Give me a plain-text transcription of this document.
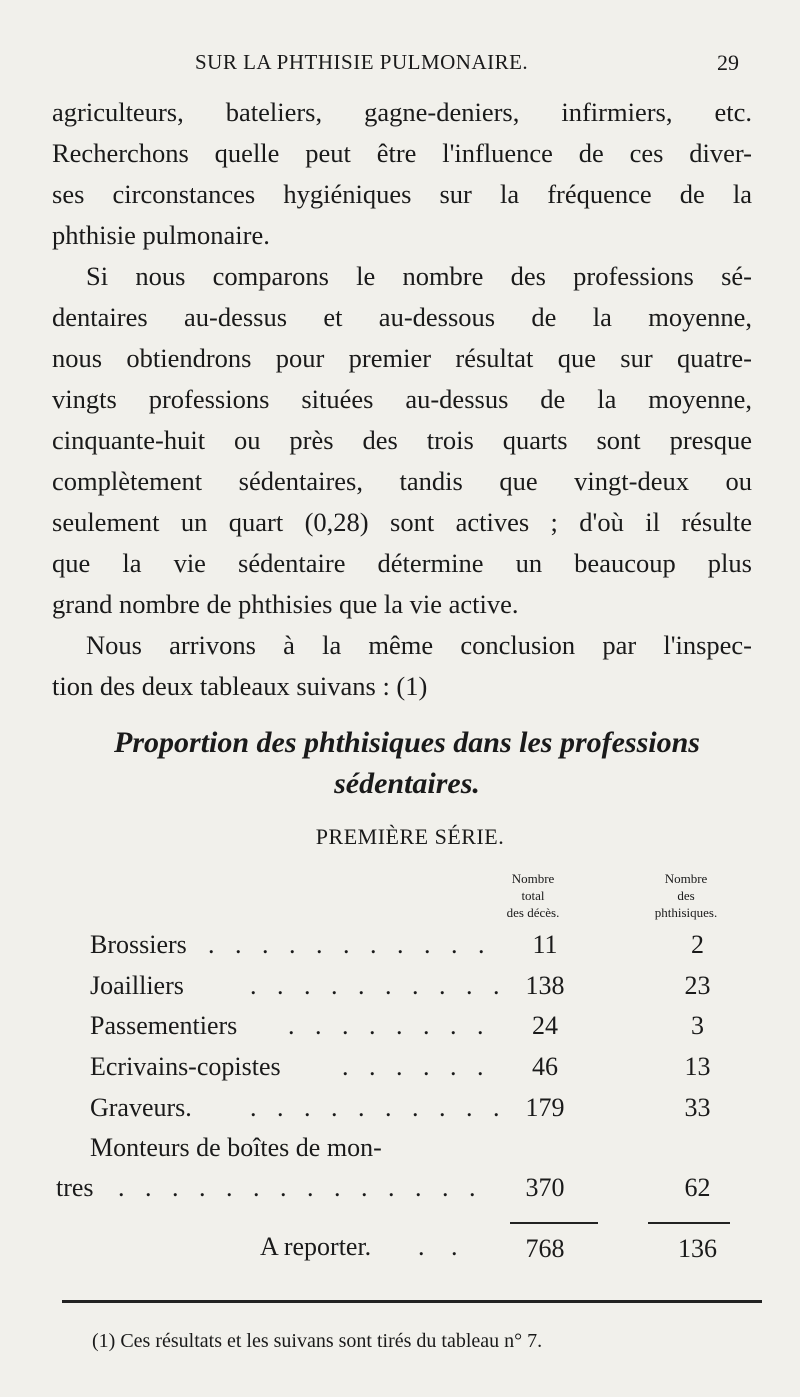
SUR LA PHTHISIE PULMONAIRE.	29
agriculteurs, bateliers, gagne-deniers, infirmiers, etc.
Recherchons quelle peut être l'influence de ces diver-
ses circonstances hygiéniques sur la fréquence de la
phthisie pulmonaire.
Si nous comparons le nombre des professions sé-
dentaires au-dessus et au-dessous de la moyenne,
nous obtiendrons pour premier résultat que sur quatre-
vingts professions situées au-dessus de la moyenne,
cinquante-huit ou près des trois quarts sont presque
complètement sédentaires, tandis que vingt-deux ou
seulement un quart (0,28) sont actives ; d'où il résulte
que la vie sédentaire détermine un beaucoup plus
grand nombre de phthisies que la vie active.
Nous arrivons à la même conclusion par l'inspec-
tion des deux tableaux suivans : (1)
Proportion des phthisiques dans les professions
sédentaires.
PREMIÈRE SÉRIE.
Nombre
total
des décès.
Nombre
des
phthisiques.
Brossiers . . . . . . . . . . .	11	2
Joailliers	. . . . . . . . . . 138	23
Passementiers . . . . . . . .	24	3
Ecrivains-copistes . . . . . .	46	13
Graveurs. . . . . . . . . . . 179	33
Monteurs de boîtes de mon-
tres . . . . . . . . . . . . . .	370	62
A reporter. . .	768	136
(1) Ces résultats et les suivans sont tirés du tableau n° 7.
